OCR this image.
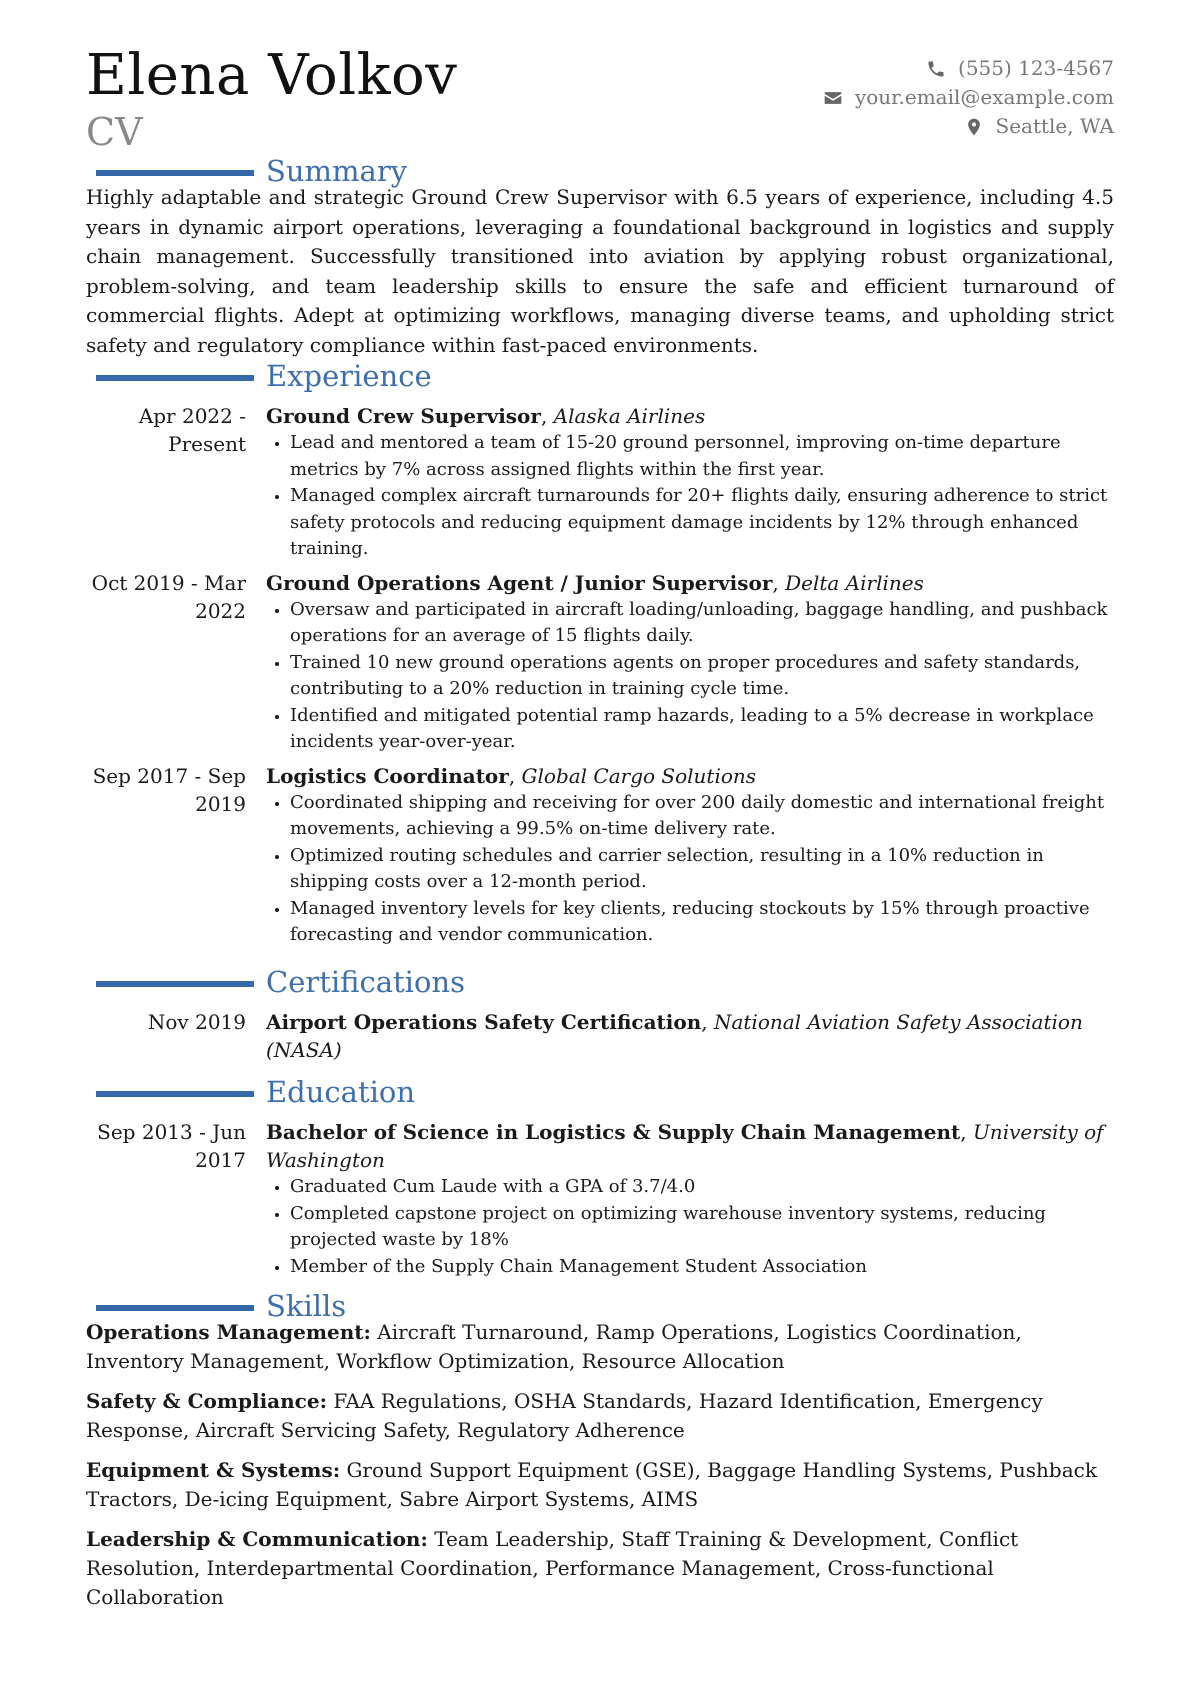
Elena Volkov
CV
(555) 123-4567
your.email@example.com
Seattle, WA
Summary
Highly adaptable and strategic Ground Crew Supervisor with 6.5 years of experience, including 4.5 years in dynamic airport operations, leveraging a foundational background in logistics and supply chain management. Successfully transitioned into aviation by applying robust organizational, problem-solving, and team leadership skills to ensure the safe and efficient turnaround of commercial flights. Adept at optimizing workflows, managing diverse teams, and upholding strict safety and regulatory compliance within fast-paced environments.
Experience
Apr 2022 - Present
Ground Crew Supervisor, Alaska Airlines
• Lead and mentored a team of 15-20 ground personnel, improving on-time departure metrics by 7% across assigned flights within the first year.
• Managed complex aircraft turnarounds for 20+ flights daily, ensuring adherence to strict safety protocols and reducing equipment damage incidents by 12% through enhanced training.
Oct 2019 - Mar 2022
Ground Operations Agent / Junior Supervisor, Delta Airlines
• Oversaw and participated in aircraft loading/unloading, baggage handling, and pushback operations for an average of 15 flights daily.
• Trained 10 new ground operations agents on proper procedures and safety standards, contributing to a 20% reduction in training cycle time.
• Identified and mitigated potential ramp hazards, leading to a 5% decrease in workplace incidents year-over-year.
Sep 2017 - Sep 2019
Logistics Coordinator, Global Cargo Solutions
• Coordinated shipping and receiving for over 200 daily domestic and international freight movements, achieving a 99.5% on-time delivery rate.
• Optimized routing schedules and carrier selection, resulting in a 10% reduction in shipping costs over a 12-month period.
• Managed inventory levels for key clients, reducing stockouts by 15% through proactive forecasting and vendor communication.
Certifications
Nov 2019	Airport Operations Safety Certification, National Aviation Safety Association (NASA)
Education
Sep 2013 - Jun 2017
Bachelor of Science in Logistics & Supply Chain Management, University of Washington
• Graduated Cum Laude with a GPA of 3.7/4.0
• Completed capstone project on optimizing warehouse inventory systems, reducing projected waste by 18%
• Member of the Supply Chain Management Student Association
Skills
Operations Management: Aircraft Turnaround, Ramp Operations, Logistics Coordination, Inventory Management, Workflow Optimization, Resource Allocation
Safety & Compliance: FAA Regulations, OSHA Standards, Hazard Identification, Emergency Response, Aircraft Servicing Safety, Regulatory Adherence
Equipment & Systems: Ground Support Equipment (GSE), Baggage Handling Systems, Pushback Tractors, De-icing Equipment, Sabre Airport Systems, AIMS
Leadership & Communication: Team Leadership, Staff Training & Development, Conflict Resolution, Interdepartmental Coordination, Performance Management, Cross-functional Collaboration
